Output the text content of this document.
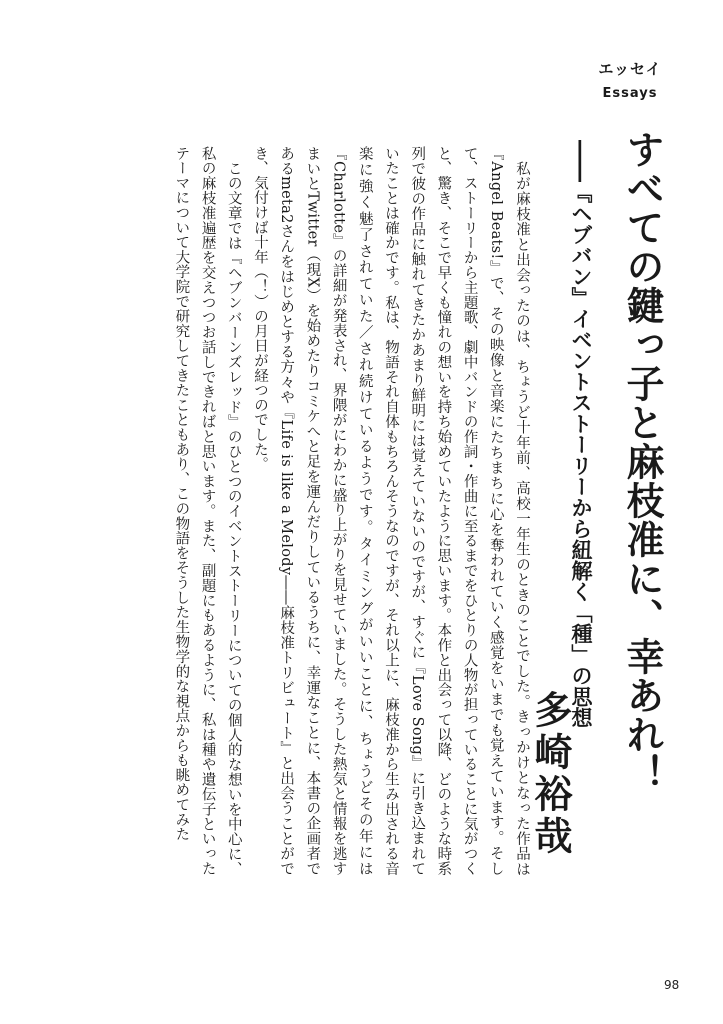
エッセイ
Essays
すべての鍵っ子と麻枝准に、幸あれ！
――『ヘブバン』イベントストーリーから紐解く「種」の思想
多崎裕哉

私が麻枝准と出会ったのは、ちょうど十年前、高校一年生のときのことでした。きっかけとなった作品は『Angel Beats!』で、その映像と音楽にたちまちに心を奪われていく感覚をいまでも覚えています。そして、ストーリーから主題歌、劇中バンドの作詞・作曲に至るまでをひとりの人物が担っていることに気がつくと、驚き、そこで早くも憧れの想いを持ち始めていたように思います。本作と出会って以降、どのような時系列で彼の作品に触れてきたかあまり鮮明には覚えていないのですが、すぐに『Love Song』に引き込まれていたことは確かです。私は、物語それ自体もちろんそうなのですが、それ以上に、麻枝准から生み出される音楽に強く魅了されていた／され続けているようです。タイミングがいいことに、ちょうどその年には『Charlotte』の詳細が発表され、界隈がにわかに盛り上がりを見せていました。そうした熱気と情報を逃すまいとTwitter（現X）を始めたりコミケへと足を運んだりしているうちに、幸運なことに、本書の企画者であるmeta2さんをはじめとする方々や『Life is like a Melody――麻枝准トリビュート』と出会うことができ、気付けば十年（！）の月日が経つのでした。

この文章では『ヘブンバーンズレッド』のひとつのイベントストーリーについての個人的な想いを中心に、私の麻枝准遍歴を交えつつお話しできればと思います。また、副題にもあるように、私は種や遺伝子といったテーマについて大学院で研究してきたこともあり、この物語をそうした生物学的な視点からも眺めてみた

98
